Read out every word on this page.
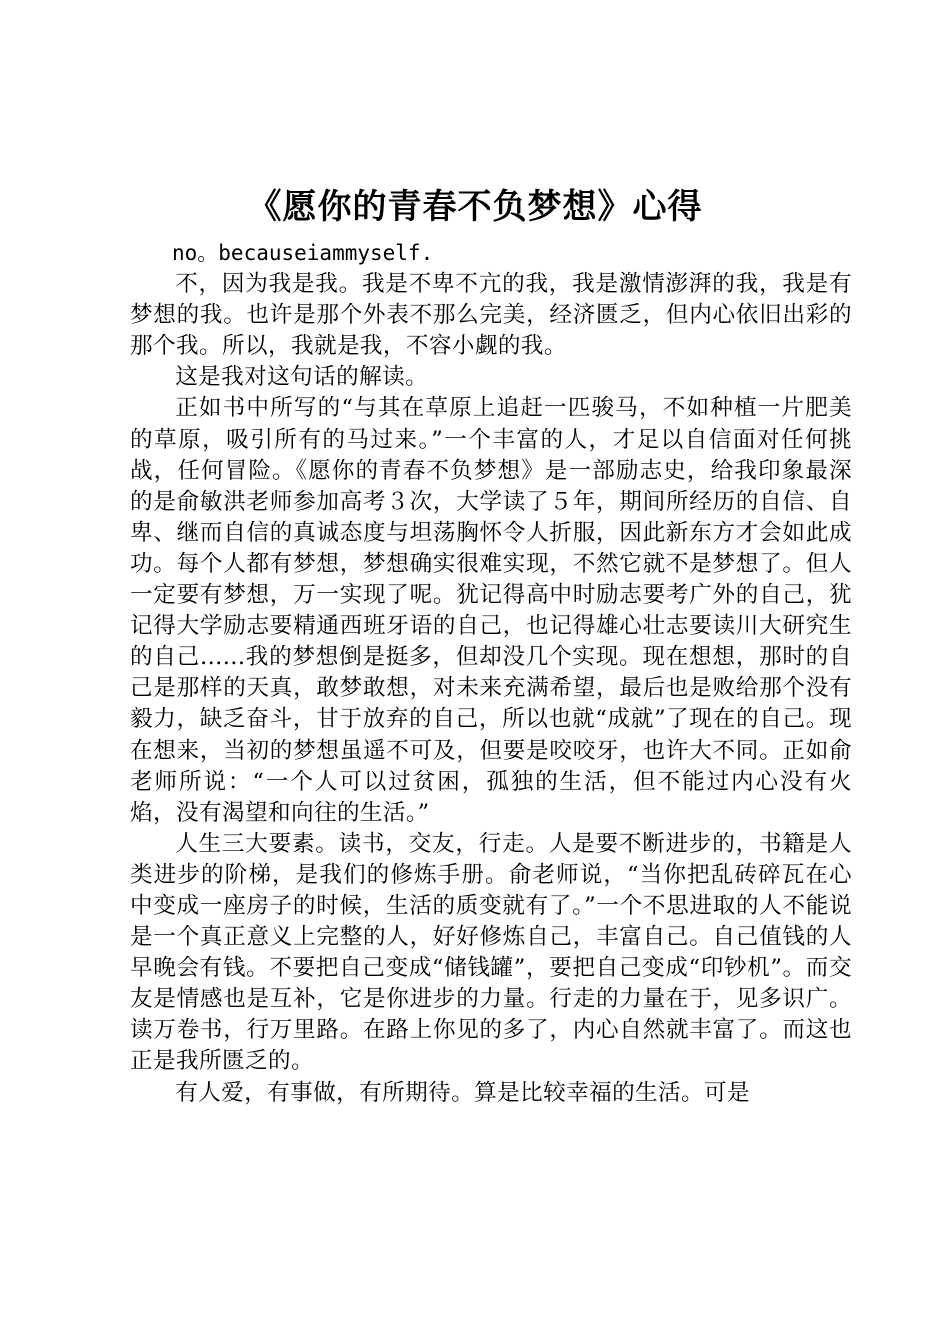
《愿你的青春不负梦想》心得

no。becauseiammyself.

不，因为我是我。我是不卑不亢的我，我是激情澎湃的我，我是有梦想的我。也许是那个外表不那么完美，经济匮乏，但内心依旧出彩的那个我。所以，我就是我，不容小觑的我。

这是我对这句话的解读。

正如书中所写的“与其在草原上追赶一匹骏马，不如种植一片肥美的草原，吸引所有的马过来。”一个丰富的人，才足以自信面对任何挑战，任何冒险。《愿你的青春不负梦想》是一部励志史，给我印象最深的是俞敏洪老师参加高考３次，大学读了５年，期间所经历的自信、自卑、继而自信的真诚态度与坦荡胸怀令人折服，因此新东方才会如此成功。每个人都有梦想，梦想确实很难实现，不然它就不是梦想了。但人一定要有梦想，万一实现了呢。犹记得高中时励志要考广外的自己，犹记得大学励志要精通西班牙语的自己，也记得雄心壮志要读川大研究生的自己......我的梦想倒是挺多，但却没几个实现。现在想想，那时的自己是那样的天真，敢梦敢想，对未来充满希望，最后也是败给那个没有毅力，缺乏奋斗，甘于放弃的自己，所以也就“成就”了现在的自己。现在想来，当初的梦想虽遥不可及，但要是咬咬牙，也许大不同。正如俞老师所说：“一个人可以过贫困，孤独的生活，但不能过内心没有火焰，没有渴望和向往的生活。”

人生三大要素。读书，交友，行走。人是要不断进步的，书籍是人类进步的阶梯，是我们的修炼手册。俞老师说，“当你把乱砖碎瓦在心中变成一座房子的时候，生活的质变就有了。”一个不思进取的人不能说是一个真正意义上完整的人，好好修炼自己，丰富自己。自己值钱的人早晚会有钱。不要把自己变成“储钱罐”，要把自己变成“印钞机”。而交友是情感也是互补，它是你进步的力量。行走的力量在于，见多识广。读万卷书，行万里路。在路上你见的多了，内心自然就丰富了。而这也正是我所匮乏的。

有人爱，有事做，有所期待。算是比较幸福的生活。可是
